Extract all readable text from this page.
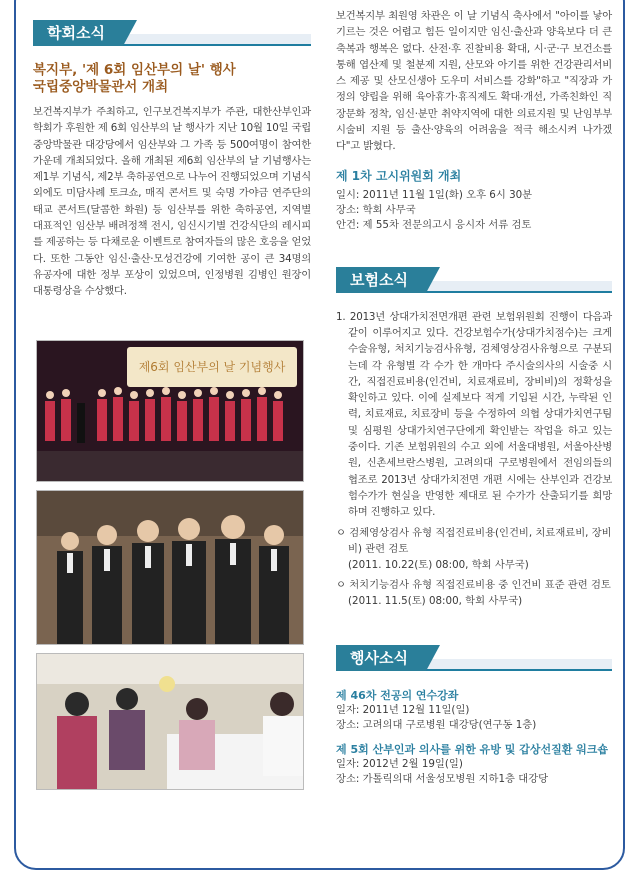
학회소식
복지부, '제 6회 임산부의 날' 행사
국립중앙박물관서 개최

보건복지부가 주최하고, 인구보건복지부가 주관, 대한산부인과학회가 후원한 제 6회 임산부의 날 행사가 지난 10월 10일 국립중앙박물관 대강당에서 임산부와 그 가족 등 500여명이 참여한 가운데 개최되었다. 올해 개최된 제6회 임산부의 날 기념행사는 제1부 기념식, 제2부 축하공연으로 나누어 진행되었으며 기념식 외에도 미담사례 토크쇼, 매직 콘서트 및 숙명 가야금 연주단의 태교 콘서트(달콤한 화원) 등 임산부를 위한 축하공연, 지역별 대표적인 임산부 배려정책 전시, 임신시기별 건강식단의 레시피를 제공하는 등 다채로운 이벤트로 참여자들의 많은 호응을 얻었다. 또한 그동안 임신·출산·모성건강에 기여한 공이 큰 34명의 유공자에 대한 정부 포상이 있었으며, 인정병원 김병인 원장이 대통령상을 수상했다.

제6회 임산부의 날 기념행사

보건복지부 최원영 차관은 이 날 기념식 축사에서 "아이를 낳아 기르는 것은 어렵고 힘든 일이지만 임신·출산과 양육보다 더 큰 축복과 행복은 없다. 산전·후 진찰비용 확대, 시·군·구 보건소를 통해 엽산제 및 철분제 지원, 산모와 아기를 위한 건강관리서비스 제공 및 산모신생아 도우미 서비스를 강화"하고 "직장과 가정의 양립을 위해 육아휴가·휴직제도 확대·개선, 가족친화인 직장문화 정착, 임신·분만 취약지역에 대한 의료지원 및 난임부부 시술비 지원 등 출산·양육의 어려움을 적극 해소시켜 나가겠다"고 밝혔다.

제 1차 고시위원회 개최
일시: 2011년 11월 1일(화) 오후 6시 30분
장소: 학회 사무국
안건: 제 55차 전문의고시 응시자 서류 검토
보험소식

1. 2013년 상대가치전면개편 관련 보험위원회 진행이 다음과 같이 이루어지고 있다. 건강보험수가(상대가치점수)는 크게 수술유형, 처치기능검사유형, 검체영상검사유형으로 구분되는데 각 유형별 각 수가 한 개마다 주시술의사의 시술중 시간, 직접진료비용(인건비, 치료재료비, 장비비)의 정확성을 확인하고 있다. 이에 실제보다 적게 기입된 시간, 누락된 인력, 치료재료, 치료장비 등을 수정하여 의협 상대가치연구팀 및 심평원 상대가치연구단에게 확인받는 작업을 하고 있는 중이다. 기존 보험위원의 수고 외에 서울대병원, 서울아산병원, 신촌세브란스병원, 고려의대 구로병원에서 전임의들의 협조로 2013년 상대가치전면 개편 시에는 산부인과 건강보험수가가 현실을 반영한 제대로 된 수가가 산출되기를 희망하며 진행하고 있다.

ㅇ 검체영상검사 유형 직접진료비용(인건비, 치료재료비, 장비비) 관련 검토
(2011. 10.22(토) 08:00, 학회 사무국)
ㅇ 처치기능검사 유형 직접진료비용 중 인건비 표준 관련 검토
(2011. 11.5(토) 08:00, 학회 사무국)
행사소식
제 46차 전공의 연수강좌
일자: 2011년 12월 11일(일)
장소: 고려의대 구로병원 대강당(연구동 1층)
제 5회 산부인과 의사를 위한 유방 및 갑상선질환 워크숍
일자: 2012년 2월 19일(일)
장소: 가톨릭의대 서울성모병원 지하1층 대강당
